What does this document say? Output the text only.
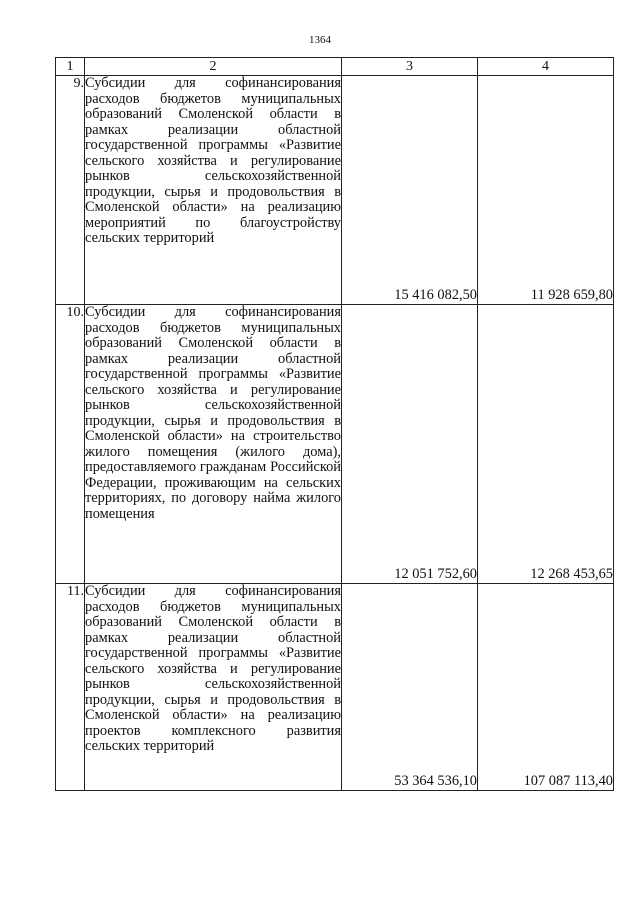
1364
1	2	3	4
9.	Субсидии для софинансирования расходов бюджетов муниципальных образований Смоленской области в рамках реализации областной государственной программы «Развитие сельского хозяйства и регулирование рынков сельскохозяйственной продукции, сырья и продовольствия в Смоленской области» на реализацию мероприятий по благоустройству сельских территорий	15 416 082,50	11 928 659,80
10.	Субсидии для софинансирования расходов бюджетов муниципальных образований Смоленской области в рамках реализации областной государственной программы «Развитие сельского хозяйства и регулирование рынков сельскохозяйственной продукции, сырья и продовольствия в Смоленской области» на строительство жилого помещения (жилого дома), предоставляемого гражданам Российской Федерации, проживающим на сельских территориях, по договору найма жилого помещения	12 051 752,60	12 268 453,65
11.	Субсидии для софинансирования расходов бюджетов муниципальных образований Смоленской области в рамках реализации областной государственной программы «Развитие сельского хозяйства и регулирование рынков сельскохозяйственной продукции, сырья и продовольствия в Смоленской области» на реализацию проектов комплексного развития сельских территорий	53 364 536,10	107 087 113,40
